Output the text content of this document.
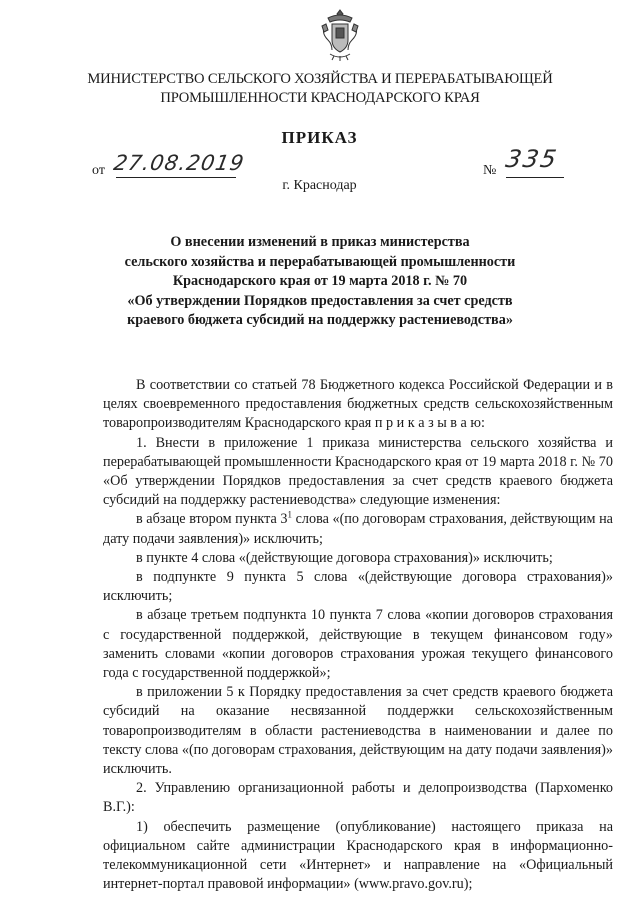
МИНИСТЕРСТВО СЕЛЬСКОГО ХОЗЯЙСТВА И ПЕРЕРАБАТЫВАЮЩЕЙ
ПРОМЫШЛЕННОСТИ КРАСНОДАРСКОГО КРАЯ
ПРИКАЗ
от 27.08.2019	№ 335
г. Краснодар
О внесении изменений в приказ министерства
сельского хозяйства и перерабатывающей промышленности
Краснодарского края от 19 марта 2018 г. № 70
«Об утверждении Порядков предоставления за счет средств
краевого бюджета субсидий на поддержку растениеводства»

В соответствии со статьей 78 Бюджетного кодекса Российской Федерации и в целях своевременного предоставления бюджетных средств сельскохозяйственным товаропроизводителям Краснодарского края п р и к а з ы в а ю:

1. Внести в приложение 1 приказа министерства сельского хозяйства и перерабатывающей промышленности Краснодарского края от 19 марта 2018 г. № 70 «Об утверждении Порядков предоставления за счет средств краевого бюджета субсидий на поддержку растениеводства» следующие изменения:

в абзаце втором пункта $3^1$ слова «(по договорам страхования, действующим на дату подачи заявления)» исключить;

в пункте 4 слова «(действующие договора страхования)» исключить;

в подпункте 9 пункта 5 слова «(действующие договора страхования)» исключить;

в абзаце третьем подпункта 10 пункта 7 слова «копии договоров страхования с государственной поддержкой, действующие в текущем финансовом году» заменить словами «копии договоров страхования урожая текущего финансового года с государственной поддержкой»;

в приложении 5 к Порядку предоставления за счет средств краевого бюджета субсидий на оказание несвязанной поддержки сельскохозяйственным товаропроизводителям в области растениеводства в наименовании и далее по тексту слова «(по договорам страхования, действующим на дату подачи заявления)» исключить.

2. Управлению организационной работы и делопроизводства (Пархоменко В.Г.):

1) обеспечить размещение (опубликование) настоящего приказа на официальном сайте администрации Краснодарского края в информационно-телекоммуникационной сети «Интернет» и направление на «Официальный интернет-портал правовой информации» (www.pravo.gov.ru);
